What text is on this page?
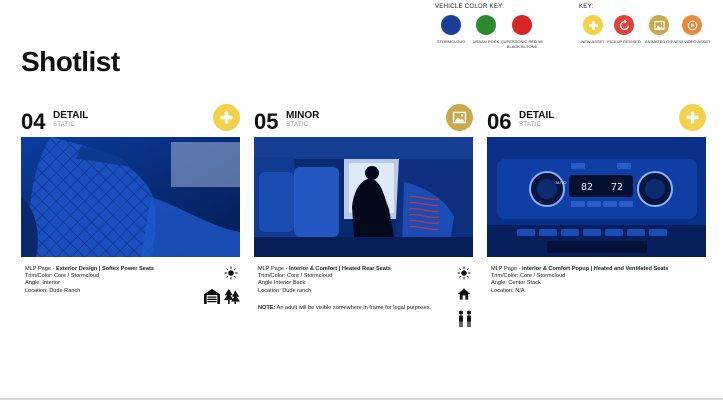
Shotlist
VEHICLE COLOR KEY:
STORMCLOUD	URBAN ROCK SUPERSONIC RED W/ BLACK BI-TONE
KEY:
NEW ASSET PICKUP REVISED	ANIMATED GIF NEW VIDEO ASSET
04 DETAIL
STATIC
MLP Page - Exterior Design | Softex Power Seats
Trim/Color: Core / Stormcloud
Angle: Interior
Location: Dude Ranch
05 MINOR
STATIC
MLP Page - Interior & Comfort | Heated Rear Seats
Trim/Color: Core / Stormcloud
Angle:Interior Back
Location: Dude ranch
NOTE: An adult will be visible somewhere in frame for legal purposes.
06 DETAIL
STATIC
82 72
AUTO
MLP Page - Interior & Comfort Popup | Heated and Ventilated Seats
Trim/Color: Core / Stormcloud
Angle: Center Stack
Location: N/A
